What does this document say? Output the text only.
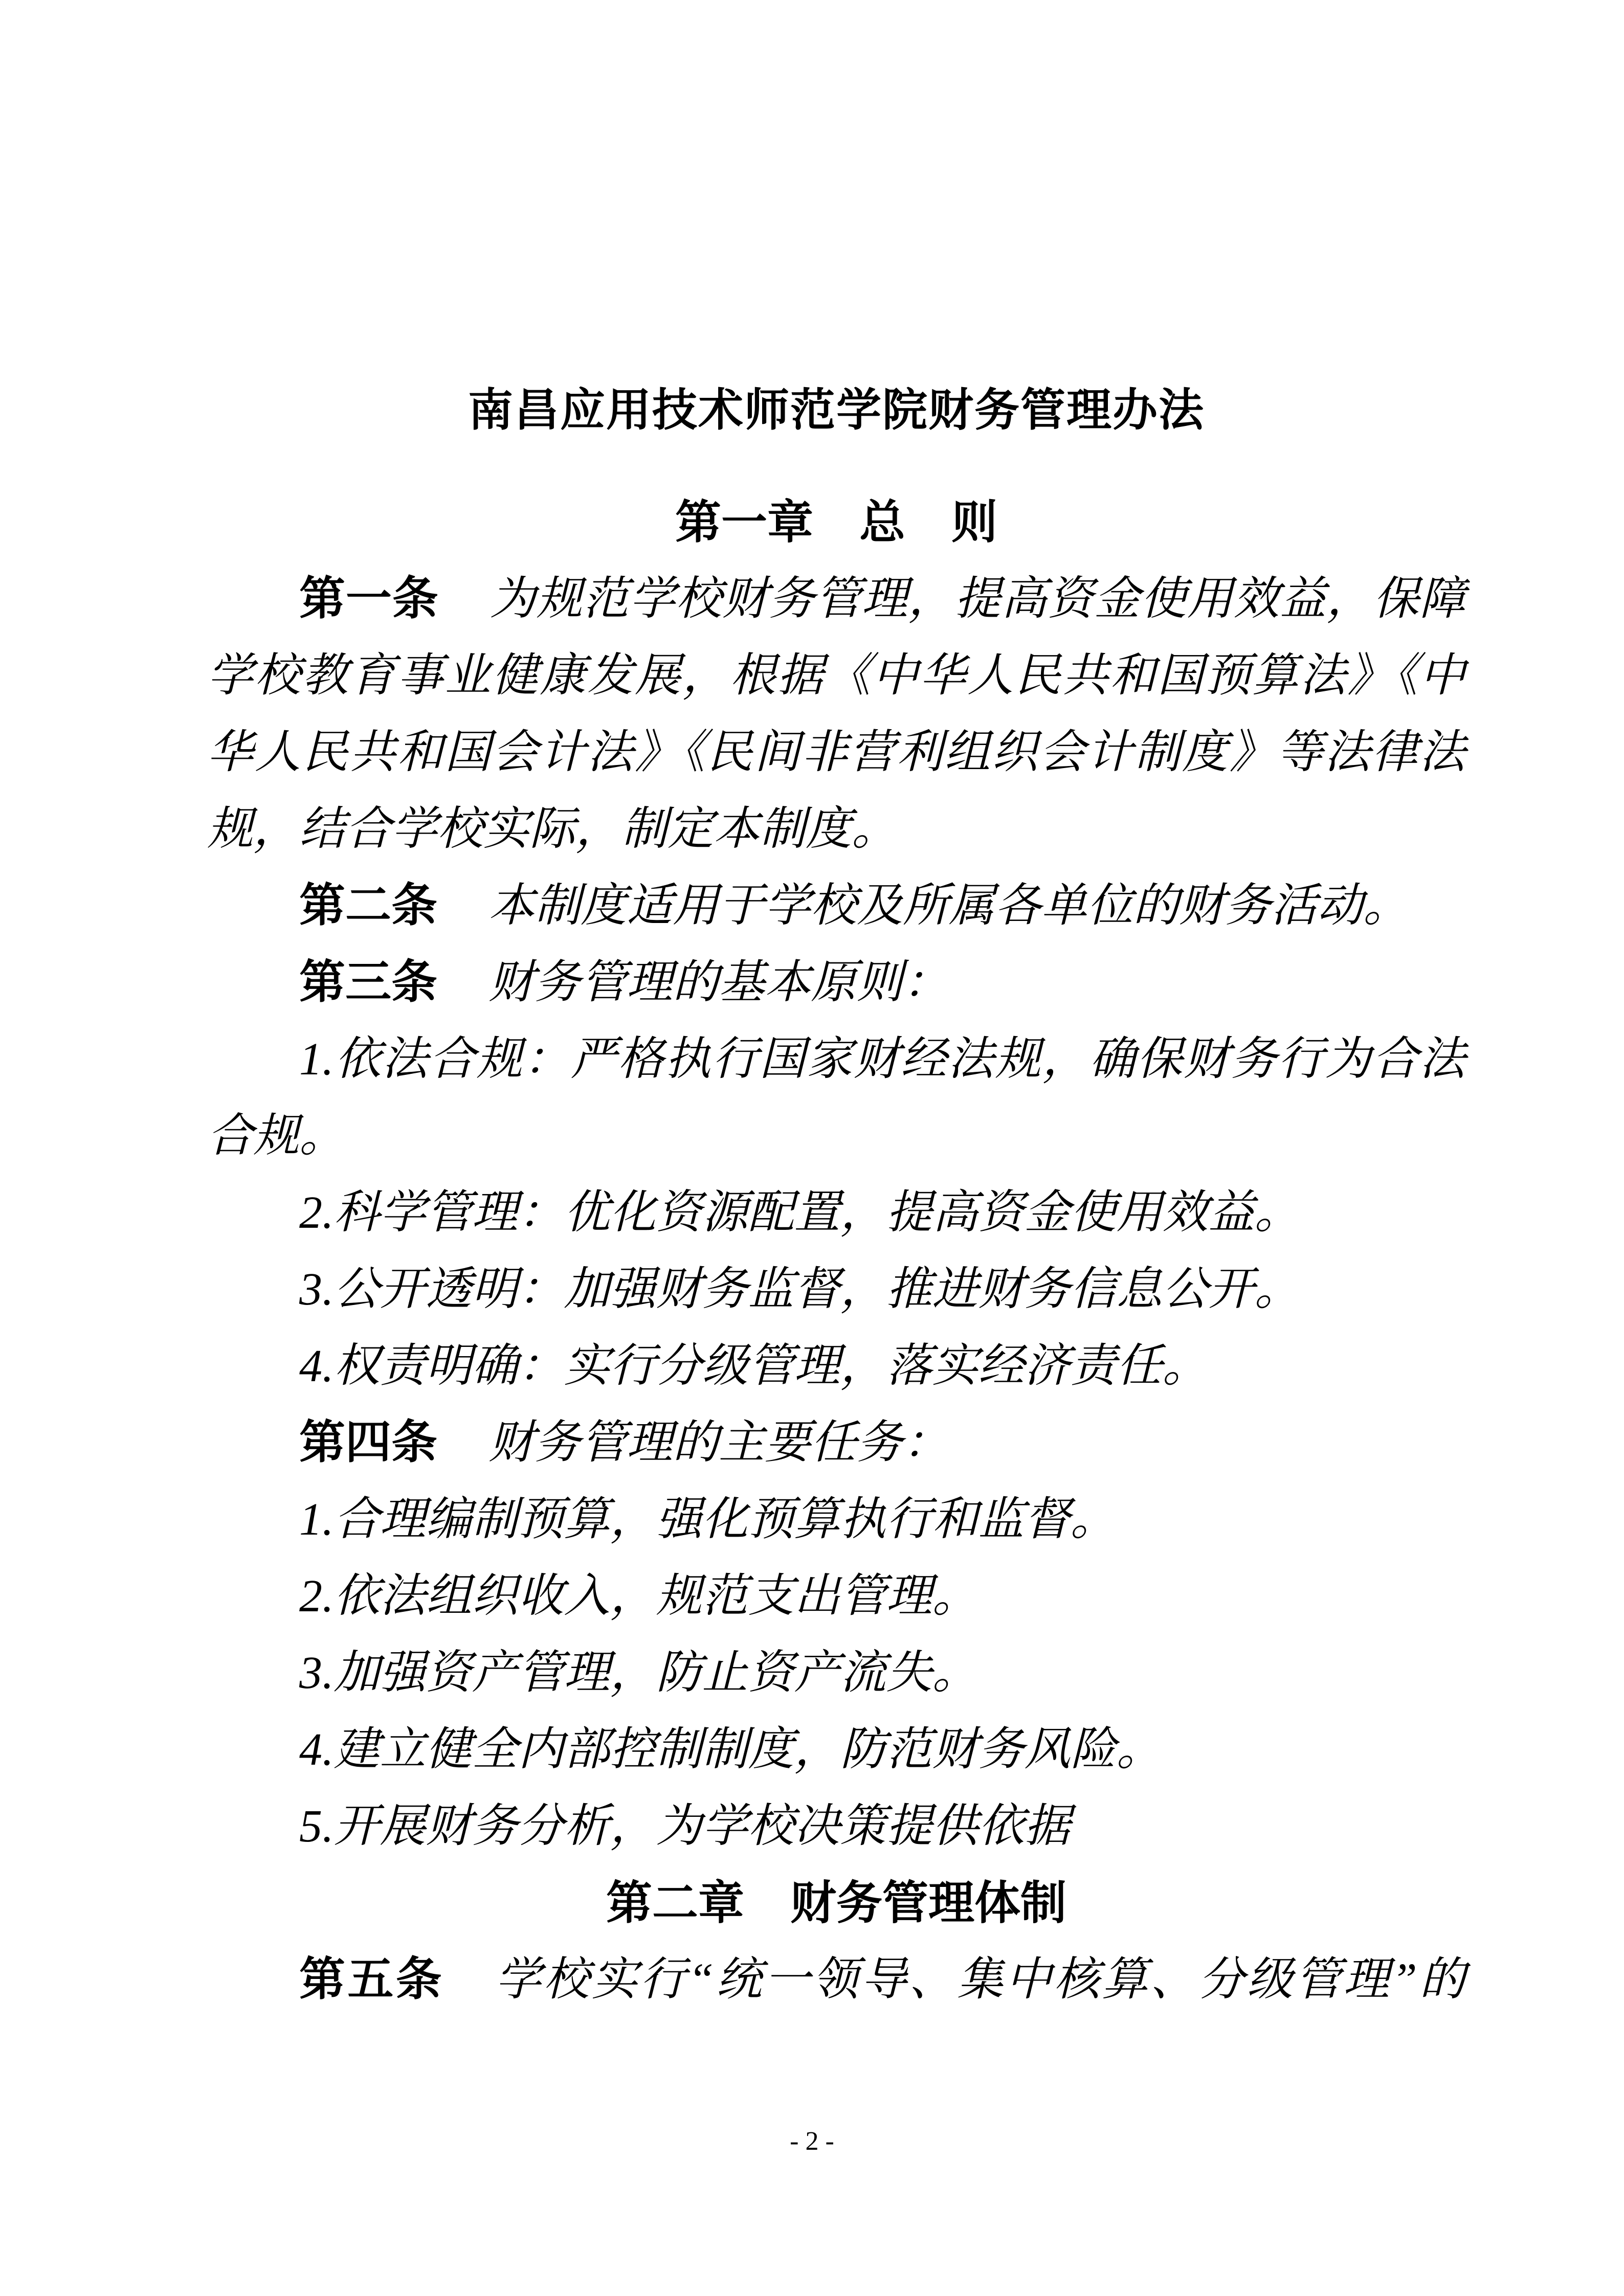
南昌应用技术师范学院财务管理办法
第一章　总　则

第一条 为规范学校财务管理，提高资金使用效益，保障学校教育事业健康发展，根据《中华人民共和国预算法》《中华人民共和国会计法》《民间非营利组织会计制度》等法律法规，结合学校实际，制定本制度。

第二条 本制度适用于学校及所属各单位的财务活动。

第三条 财务管理的基本原则：

1.依法合规：严格执行国家财经法规，确保财务行为合法合规。

2.科学管理：优化资源配置，提高资金使用效益。

3.公开透明：加强财务监督，推进财务信息公开。

4.权责明确：实行分级管理，落实经济责任。

第四条 财务管理的主要任务：

1.合理编制预算，强化预算执行和监督。

2.依法组织收入，规范支出管理。

3.加强资产管理，防止资产流失。

4.建立健全内部控制制度，防范财务风险。

5.开展财务分析，为学校决策提供依据

第二章　财务管理体制

第五条 学校实行“统一领导、集中核算、分级管理”的

- 2 -
